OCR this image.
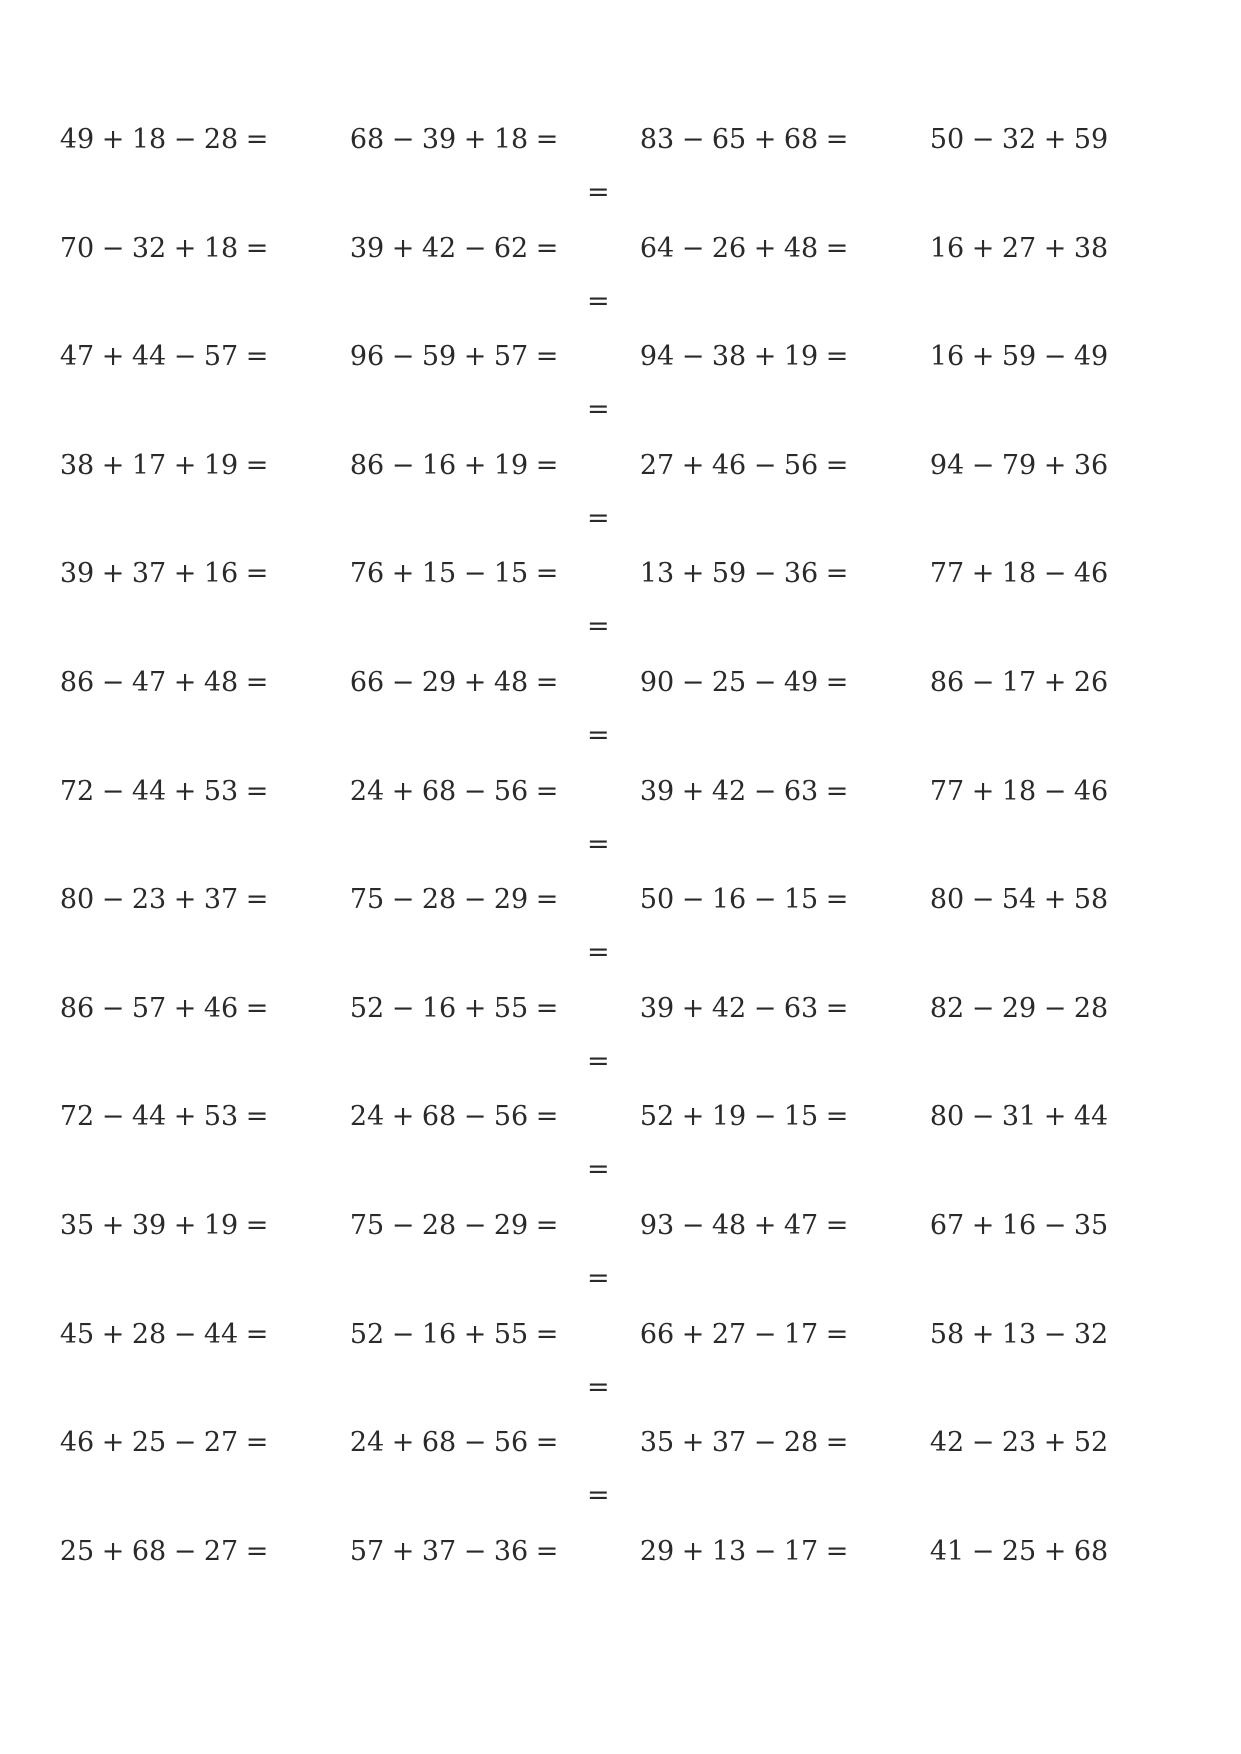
49 + 18 − 28 =	68 − 39 + 18 =	83 − 65 + 68 =	50 − 32 + 59
=
70 − 32 + 18 =	39 + 42 − 62 =	64 − 26 + 48 =	16 + 27 + 38
=
47 + 44 − 57 =	96 − 59 + 57 =	94 − 38 + 19 =	16 + 59 − 49
=
38 + 17 + 19 =	86 − 16 + 19 =	27 + 46 − 56 =	94 − 79 + 36
=
39 + 37 + 16 =	76 + 15 − 15 =	13 + 59 − 36 =	77 + 18 − 46
=
86 − 47 + 48 =	66 − 29 + 48 =	90 − 25 − 49 =	86 − 17 + 26
=
72 − 44 + 53 =	24 + 68 − 56 =	39 + 42 − 63 =	77 + 18 − 46
=
80 − 23 + 37 =	75 − 28 − 29 =	50 − 16 − 15 =	80 − 54 + 58
=
86 − 57 + 46 =	52 − 16 + 55 =	39 + 42 − 63 =	82 − 29 − 28
=
72 − 44 + 53 =	24 + 68 − 56 =	52 + 19 − 15 =	80 − 31 + 44
=
35 + 39 + 19 =	75 − 28 − 29 =	93 − 48 + 47 =	67 + 16 − 35
=
45 + 28 − 44 =	52 − 16 + 55 =	66 + 27 − 17 =	58 + 13 − 32
=
46 + 25 − 27 =	24 + 68 − 56 =	35 + 37 − 28 =	42 − 23 + 52
=
25 + 68 − 27 =	57 + 37 − 36 =	29 + 13 − 17 =	41 − 25 + 68
